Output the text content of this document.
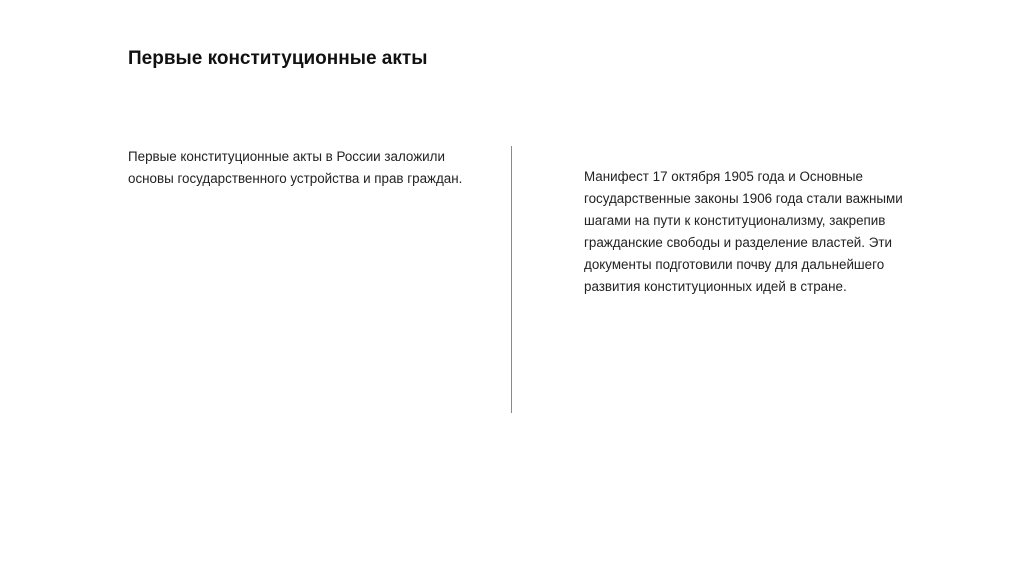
Первые конституционные акты

Первые конституционные акты в России заложили основы государственного устройства и прав граждан.	Манифест 17 октября 1905 года и Основные государственные законы 1906 года стали важными шагами на пути к конституционализму, закрепив гражданские свободы и разделение властей. Эти документы подготовили почву для дальнейшего развития конституционных идей в стране.
